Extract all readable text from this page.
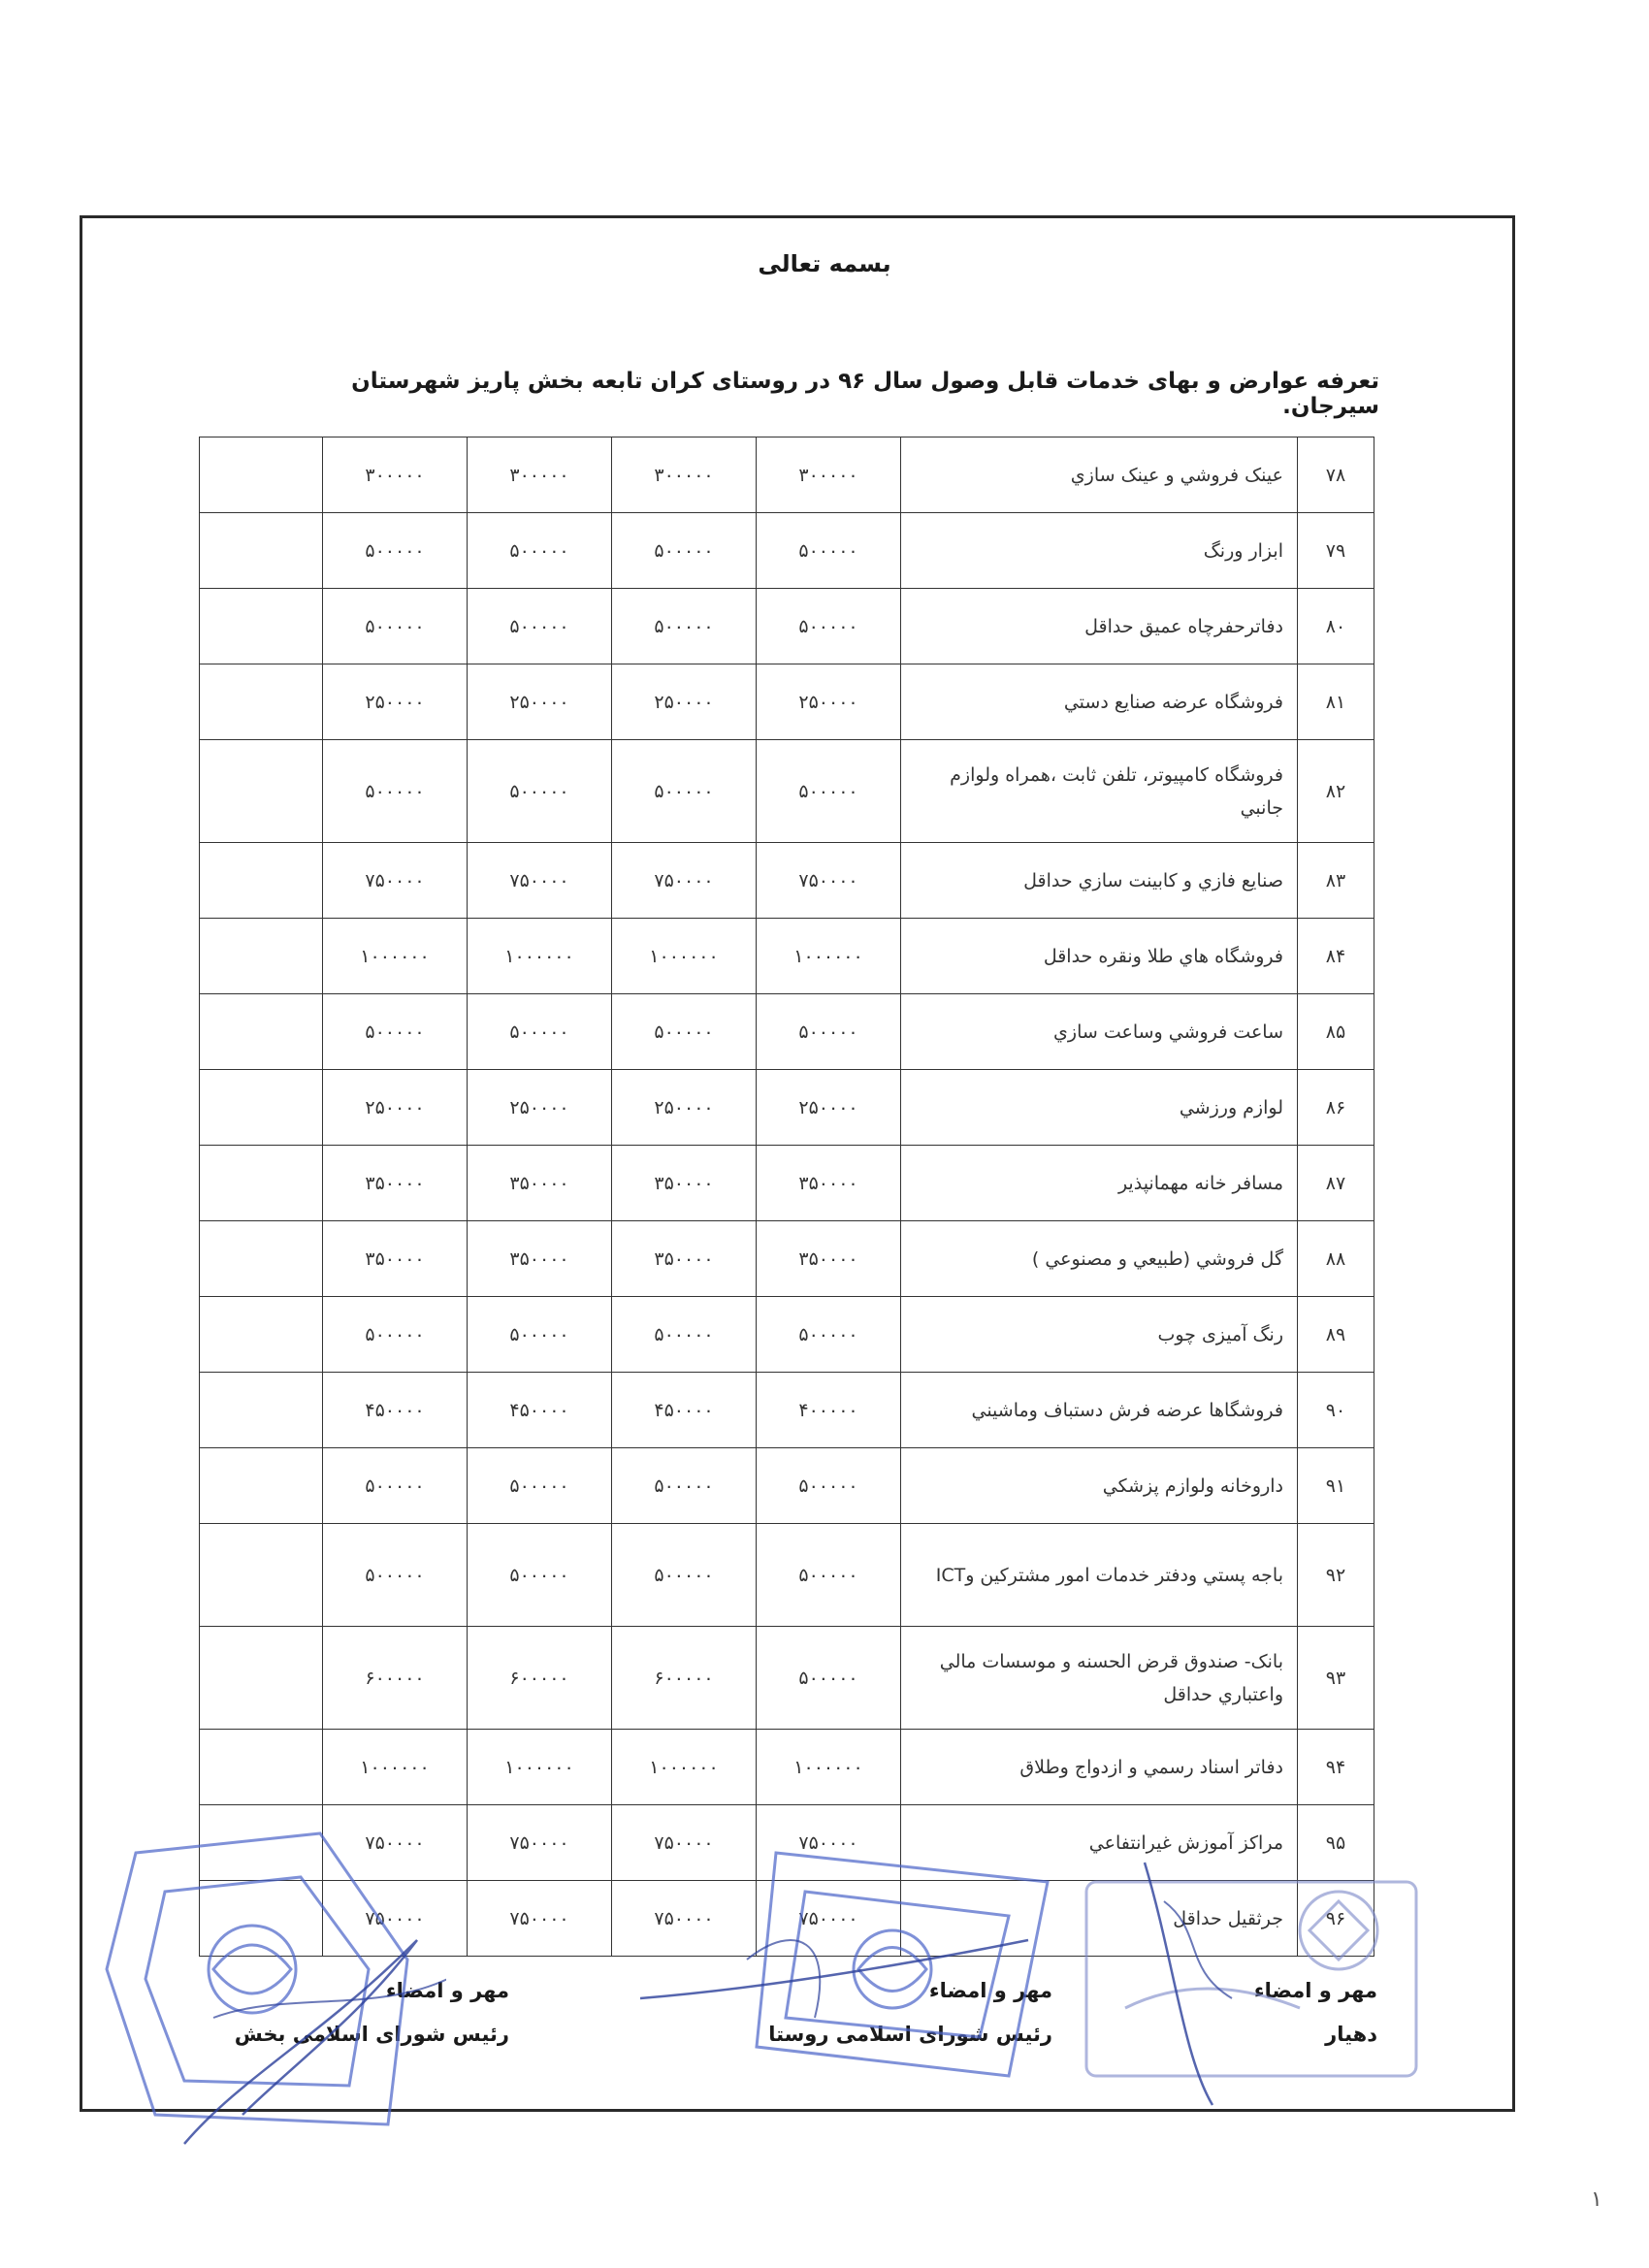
بسمه تعالی
تعرفه عوارض و بهای خدمات قابل وصول سال ۹۶ در روستای کران تابعه بخش پاریز شهرستان سیرجان.
۷۸	عینک فروشي و عینک سازي	۳۰۰۰۰۰	۳۰۰۰۰۰	۳۰۰۰۰۰	۳۰۰۰۰۰	
۷۹	ابزار ورنگ	۵۰۰۰۰۰	۵۰۰۰۰۰	۵۰۰۰۰۰	۵۰۰۰۰۰	
۸۰	دفاترحفرچاه عمیق حداقل	۵۰۰۰۰۰	۵۰۰۰۰۰	۵۰۰۰۰۰	۵۰۰۰۰۰	
۸۱	فروشگاه عرضه صنایع دستي	۲۵۰۰۰۰	۲۵۰۰۰۰	۲۵۰۰۰۰	۲۵۰۰۰۰	
۸۲	فروشگاه کامپیوتر، تلفن ثابت ،همراه ولوازم جانبي	۵۰۰۰۰۰	۵۰۰۰۰۰	۵۰۰۰۰۰	۵۰۰۰۰۰	
۸۳	صنایع فازي و کابینت سازي حداقل	۷۵۰۰۰۰	۷۵۰۰۰۰	۷۵۰۰۰۰	۷۵۰۰۰۰	
۸۴	فروشگاه هاي طلا ونقره حداقل	۱۰۰۰۰۰۰	۱۰۰۰۰۰۰	۱۰۰۰۰۰۰	۱۰۰۰۰۰۰	
۸۵	ساعت فروشي وساعت سازي	۵۰۰۰۰۰	۵۰۰۰۰۰	۵۰۰۰۰۰	۵۰۰۰۰۰	
۸۶	لوازم ورزشي	۲۵۰۰۰۰	۲۵۰۰۰۰	۲۵۰۰۰۰	۲۵۰۰۰۰	
۸۷	مسافر خانه مهمانپذیر	۳۵۰۰۰۰	۳۵۰۰۰۰	۳۵۰۰۰۰	۳۵۰۰۰۰	
۸۸	گل فروشي (طبیعي و مصنوعي )	۳۵۰۰۰۰	۳۵۰۰۰۰	۳۵۰۰۰۰	۳۵۰۰۰۰	
۸۹	رنگ آمیزی چوب	۵۰۰۰۰۰	۵۰۰۰۰۰	۵۰۰۰۰۰	۵۰۰۰۰۰	
۹۰	فروشگاها عرضه فرش دستباف وماشیني	۴۰۰۰۰۰	۴۵۰۰۰۰	۴۵۰۰۰۰	۴۵۰۰۰۰	
۹۱	داروخانه ولوازم پزشكي	۵۰۰۰۰۰	۵۰۰۰۰۰	۵۰۰۰۰۰	۵۰۰۰۰۰	
۹۲	باجه پستي ودفتر خدمات امور مشترکین وICT	۵۰۰۰۰۰	۵۰۰۰۰۰	۵۰۰۰۰۰	۵۰۰۰۰۰	
۹۳	بانک- صندوق قرض الحسنه و موسسات مالي واعتباري حداقل	۵۰۰۰۰۰	۶۰۰۰۰۰	۶۰۰۰۰۰	۶۰۰۰۰۰	
۹۴	دفاتر اسناد رسمي و ازدواج وطلاق	۱۰۰۰۰۰۰	۱۰۰۰۰۰۰	۱۰۰۰۰۰۰	۱۰۰۰۰۰۰	
۹۵	مراکز آموزش غیرانتفاعي	۷۵۰۰۰۰	۷۵۰۰۰۰	۷۵۰۰۰۰	۷۵۰۰۰۰	
۹۶	جرثقیل حداقل	۷۵۰۰۰۰	۷۵۰۰۰۰	۷۵۰۰۰۰	۷۵۰۰۰۰	
مهر و امضاء
دهیار
مهر و امضاء
رئیس شورای اسلامی روستا
مهر و امضاء
رئیس شورای اسلامی بخش
۱
